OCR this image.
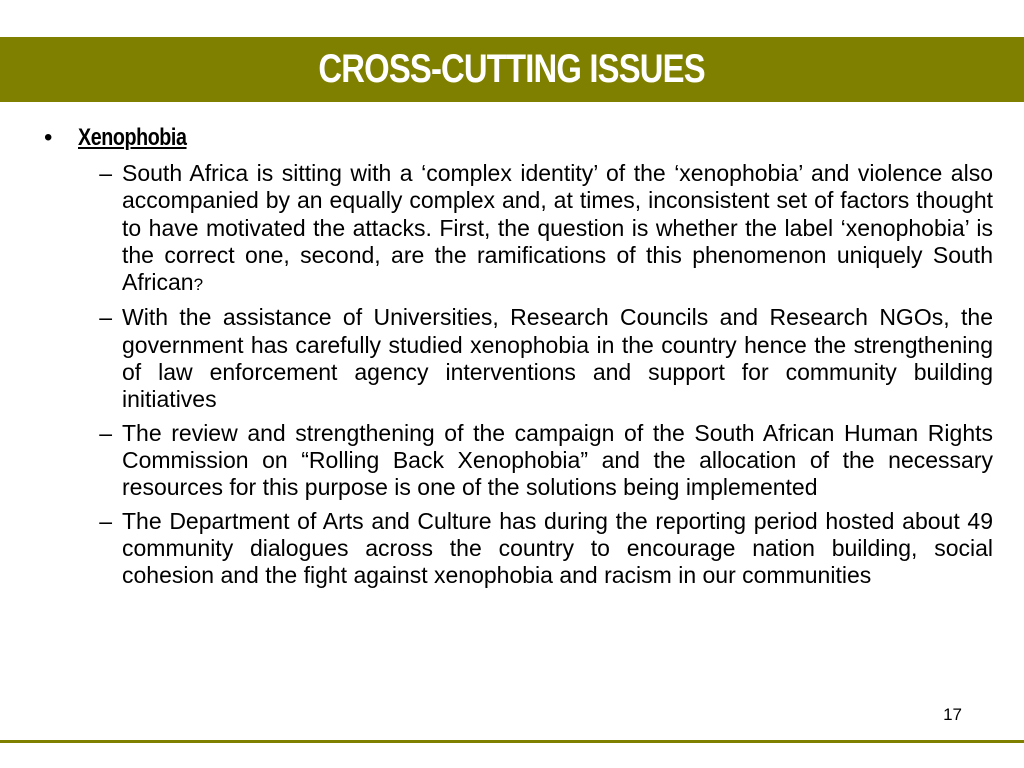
CROSS-CUTTING ISSUES
•	Xenophobia
– South Africa is sitting with a ‘complex identity’ of the ‘xenophobia’ and violence also accompanied by an equally complex and, at times, inconsistent set of factors thought to have motivated the attacks. First, the question is whether the label ‘xenophobia’ is the correct one, second, are the ramifications of this phenomenon uniquely South African?
– With the assistance of Universities, Research Councils and Research NGOs, the government has carefully studied xenophobia in the country hence the strengthening of law enforcement agency interventions and support for community building initiatives
– The review and strengthening of the campaign of the South African Human Rights Commission on “Rolling Back Xenophobia” and the allocation of the necessary resources for this purpose is one of the solutions being implemented
– The Department of Arts and Culture has during the reporting period hosted about 49 community dialogues across the country to encourage nation building, social cohesion and the fight against xenophobia and racism in our communities
17
